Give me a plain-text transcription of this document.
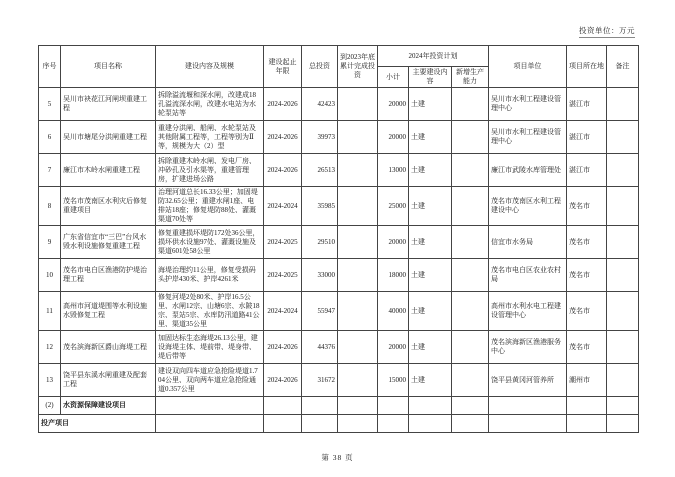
投资单位：万元
序号	项目名称	建设内容及规模	建设起止年限	总投资	到2023年底累计完成投资	2024年投资计划			项目单位	项目所在地	备注
						小计	主要建设内容	新增生产能力			
5	吴川市袂花江河闸坝重建工程	拆除溢流堰和深水闸，改建成18孔溢流深水闸，改建水电站为水轮泵站等	2024-2026	42423		20000	土建		吴川市水利工程建设管理中心	湛江市	
6	吴川市塘尾分洪闸重建工程	重建分洪闸、船闸、水轮泵站及其他附属工程等，工程等别为Ⅱ等，规模为大（2）型	2024-2026	39973		20000	土建		吴川市水利工程建设管理中心	湛江市	
7	廉江市木岭水闸重建工程	拆除重建木岭水闸、发电厂房、冲砂孔及引水渠等，重建管理房，扩建进场公路	2024-2026	26513		13000	土建		廉江市武陵水库管理处	湛江市	
8	茂名市茂南区水利灾后修复重建项目	治理河道总长16.33公里；加固堤防32.65公里；重建水闸1座、电排站18座；修复堤防88处、灌溉渠道70处等	2024-2024	35985		25000	土建		茂名市茂南区水利工程建设中心	茂名市	
9	广东省信宜市“三巴”台风水毁水利设施修复重建工程	修复重建损坏堤防172处36公里，损坏供水设施97处、灌溉设施及渠道601处58公里	2024-2025	29510		20000	土建		信宜市水务局	茂名市	
10	茂名市电白区渔港防护堤治理工程	海堤治理约11公里，修复受损码头护岸430米、护岸4261米	2024-2025	33000		18000	土建		茂名市电白区农业农村局	茂名市	
11	高州市河道堤围等水利设施水毁修复工程	修复河堤2处80米、护岸16.5公里、水闸12宗、山塘6宗、水陂18宗、泵站5宗、水库防汛道路41公里、渠道35公里	2024-2024	55947		40000	土建		高州市水利水电工程建设管理中心	茂名市	
12	茂名滨海新区爵山海堤工程	加固达标生态海堤26.13公里，建设海堤主体、堤前带、堤身带、堤后带等	2024-2026	44376		20000	土建		茂名滨海新区渔港服务中心	茂名市	
13	饶平县东溪水闸重建及配套工程	建设双向四车道应急抢险堤道1.704公里、双向两车道应急抢险通道0.357公里	2024-2026	31672		15000	土建		饶平县黄冈河管养所	潮州市	
(2)	水资源保障建设项目										
投产项目											
第 38 页
